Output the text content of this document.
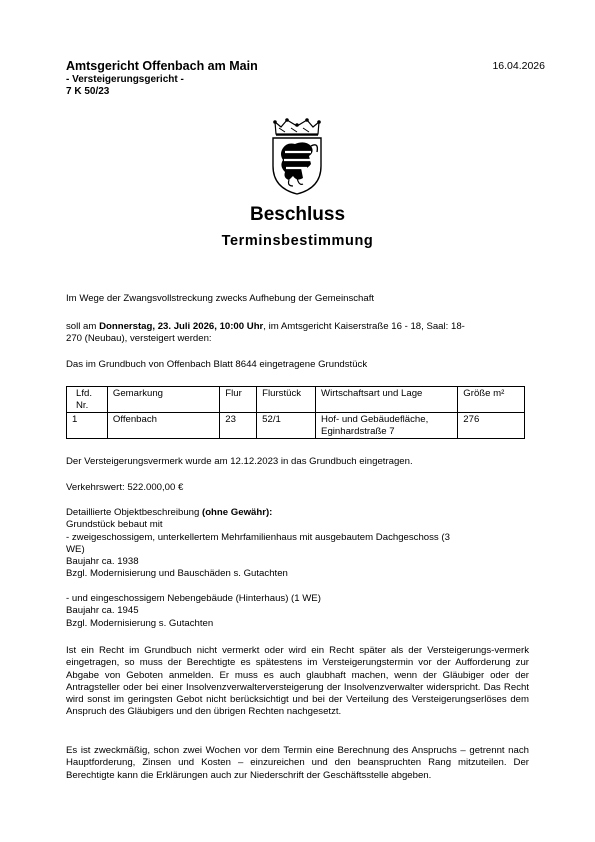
Amtsgericht Offenbach am Main
- Versteigerungsgericht -
7 K 50/23
16.04.2026
Beschluss
Terminsbestimmung
Im Wege der Zwangsvollstreckung zwecks Aufhebung der Gemeinschaft
soll am Donnerstag, 23. Juli 2026, 10:00 Uhr, im Amtsgericht Kaiserstraße 16 - 18, Saal: 18-
270 (Neubau), versteigert werden:
Das im Grundbuch von Offenbach Blatt 8644 eingetragene Grundstück
Lfd. Nr.	Gemarkung	Flur	Flurstück	Wirtschaftsart und Lage	Größe m²
1	Offenbach	23	52/1	Hof- und Gebäudefläche, Eginhardstraße 7	276
Der Versteigerungsvermerk wurde am 12.12.2023 in das Grundbuch eingetragen.
Verkehrswert: 522.000,00 €
Detaillierte Objektbeschreibung (ohne Gewähr):
Grundstück bebaut mit
- zweigeschossigem, unterkellertem Mehrfamilienhaus mit ausgebautem Dachgeschoss (3
WE)
Baujahr ca. 1938
Bzgl. Modernisierung und Bauschäden s. Gutachten
- und eingeschossigem Nebengebäude (Hinterhaus) (1 WE)
Baujahr ca. 1945
Bzgl. Modernisierung s. Gutachten
Ist ein Recht im Grundbuch nicht vermerkt oder wird ein Recht später als der Versteigerungs-vermerk eingetragen, so muss der Berechtigte es spätestens im Versteigerungstermin vor der Aufforderung zur Abgabe von Geboten anmelden. Er muss es auch glaubhaft machen, wenn der Gläubiger oder der Antragsteller oder bei einer Insolvenzverwalterversteigerung der Insolvenzverwalter widerspricht. Das Recht wird sonst im geringsten Gebot nicht berücksichtigt und bei der Verteilung des Versteigerungserlöses dem Anspruch des Gläubigers und den übrigen Rechten nachgesetzt.
Es ist zweckmäßig, schon zwei Wochen vor dem Termin eine Berechnung des Anspruchs – getrennt nach Hauptforderung, Zinsen und Kosten – einzureichen und den beanspruchten Rang mitzuteilen. Der Berechtigte kann die Erklärungen auch zur Niederschrift der Geschäftsstelle abgeben.
